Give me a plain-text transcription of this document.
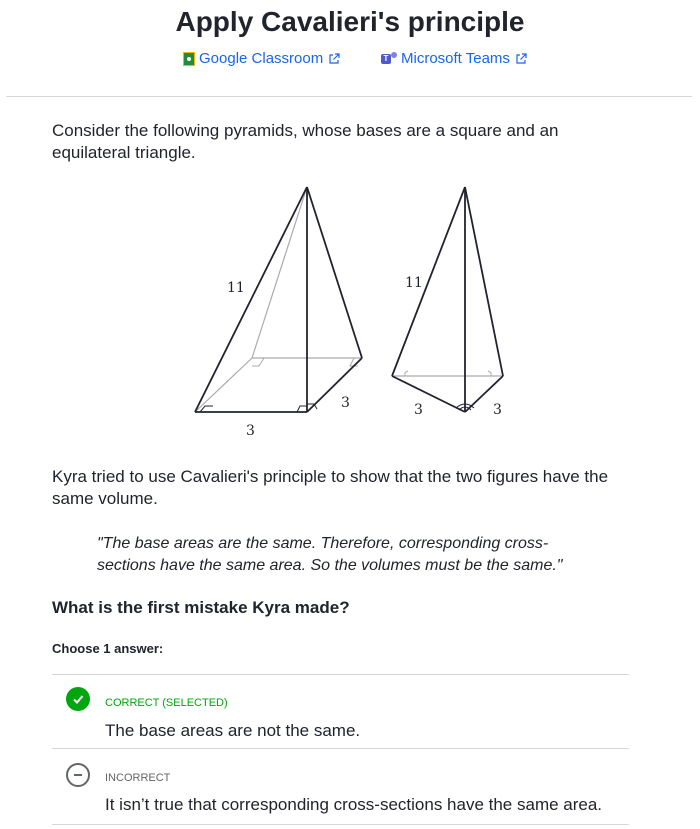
Apply Cavalieri's principle
Google Classroom	T Microsoft Teams
Consider the following pyramids, whose bases are a square and an equilateral triangle.
11
3
3
11
3	3
Kyra tried to use Cavalieri's principle to show that the two figures have the same volume.
"The base areas are the same. Therefore, corresponding cross-sections have the same area. So the volumes must be the same."
What is the first mistake Kyra made?
Choose 1 answer:
CORRECT (SELECTED)
The base areas are not the same.
INCORRECT
It isn’t true that corresponding cross-sections have the same area.
